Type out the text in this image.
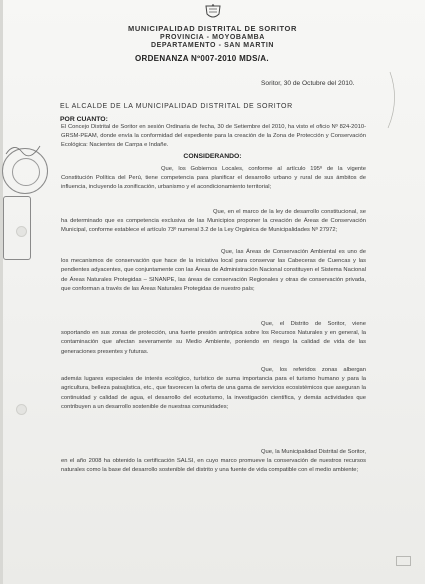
MUNICIPALIDAD DISTRITAL DE SORITOR
PROVINCIA - MOYOBAMBA
DEPARTAMENTO - SAN MARTIN
ORDENANZA Nº007-2010 MDS/A.
Soritor, 30 de Octubre del 2010.
EL ALCALDE DE LA MUNICIPALIDAD DISTRITAL DE SORITOR
POR CUANTO:

El Concejo Distrital de Soritor en sesión Ordinaria de fecha, 30 de Setiembre del 2010, ha visto el oficio Nº 824-2010-GRSM-PEAM, donde envía la conformidad del expediente para la creación de la Zona de Protección y Conservación Ecológica: Nacientes de Carrpa e Indañe.

CONSIDERANDO:

Que, los Gobiernos Locales, conforme al artículo 195º de la vigente Constitución Política del Perú, tiene competencia para planificar el desarrollo urbano y rural de sus ámbitos de influencia, incluyendo la zonificación, urbanismo y el acondicionamiento territorial;

Que, en el marco de la ley de desarrollo constitucional, se ha determinado que es competencia exclusiva de las Municipios proponer la creación de Áreas de Conservación Municipal, conforme establece el artículo 73º numeral 3.2 de la Ley Orgánica de Municipalidades Nº 27972;

Que, las Áreas de Conservación Ambiental es uno de los mecanismos de conservación que hace de la iniciativa local para conservar las Cabeceras de Cuencas y las pendientes adyacentes, que conjuntamente con las Áreas de Administración Nacional constituyen el Sistema Nacional de Áreas Naturales Protegidas – SINANPE, las áreas de conservación Regionales y otras de conservación privada, que conforman a través de las Áreas Naturales Protegidas de nuestro país;

Que, el Distrito de Soritor, viene soportando en sus zonas de protección, una fuerte presión antrópica sobre los Recursos Naturales y en general, la contaminación que afectan severamente su Medio Ambiente, poniendo en riesgo la calidad de vida de las generaciones presentes y futuras.

Que, los referidos zonas albergan además lugares especiales de interés ecológico, turístico de suma importancia para el turismo humano y para la agricultura, belleza paisajística, etc., que favorecen la oferta de una gama de servicios ecosistémicos que aseguran la continuidad y calidad de agua, el desarrollo del ecoturismo, la investigación científica, y demás actividades que contribuyen a un desarrollo sostenible de nuestras comunidades;

Que, la Municipalidad Distrital de Soritor, en el año 2008 ha obtenido la certificación SALSI, en cuyo marco promueve la conservación de nuestros recursos naturales como la base del desarrollo sostenible del distrito y una fuente de vida compatible con el medio ambiente;
